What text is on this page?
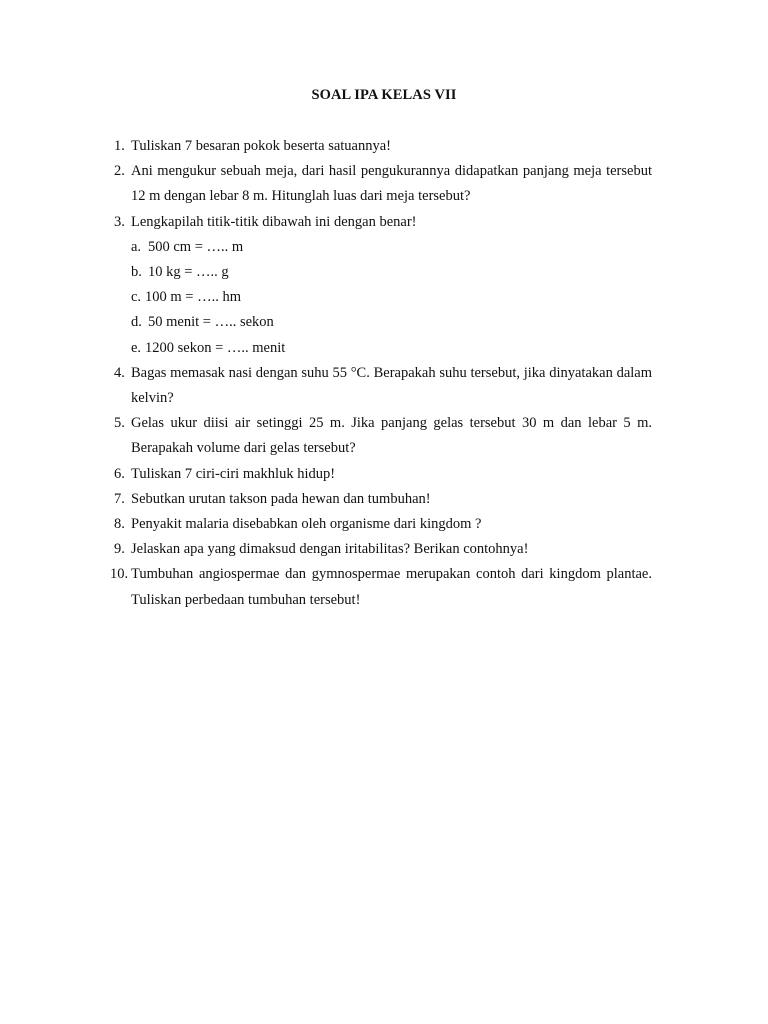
SOAL IPA KELAS VII
1. Tuliskan 7 besaran pokok beserta satuannya!
2. Ani mengukur sebuah meja, dari hasil pengukurannya didapatkan panjang meja tersebut 12 m dengan lebar 8 m. Hitunglah luas dari meja tersebut?
3. Lengkapilah titik-titik dibawah ini dengan benar!
a. 500 cm = ….. m
b. 10 kg = ….. g
c. 100 m = ….. hm
d. 50 menit = ….. sekon
e. 1200 sekon = ….. menit
4. Bagas memasak nasi dengan suhu 55 °C. Berapakah suhu tersebut, jika dinyatakan dalam kelvin?
5. Gelas ukur diisi air setinggi 25 m. Jika panjang gelas tersebut 30 m dan lebar 5 m. Berapakah volume dari gelas tersebut?
6. Tuliskan 7 ciri-ciri makhluk hidup!
7. Sebutkan urutan takson pada hewan dan tumbuhan!
8. Penyakit malaria disebabkan oleh organisme dari kingdom ?
9. Jelaskan apa yang dimaksud dengan iritabilitas? Berikan contohnya!
10. Tumbuhan angiospermae dan gymnospermae merupakan contoh dari kingdom plantae. Tuliskan perbedaan tumbuhan tersebut!
